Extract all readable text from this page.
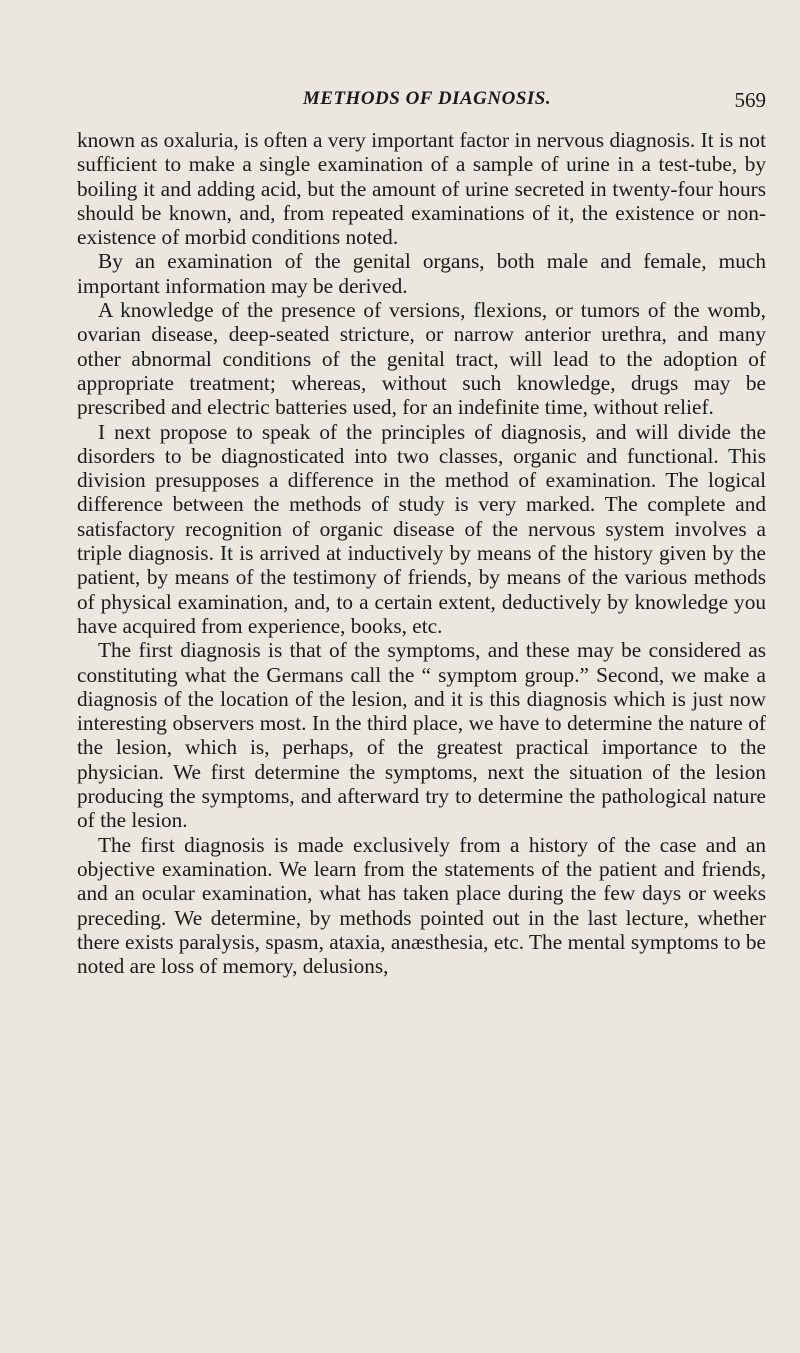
METHODS OF DIAGNOSIS.	569

known as oxaluria, is often a very important factor in nervous diagnosis. It is not sufficient to make a single examination of a sample of urine in a test-tube, by boiling it and adding acid, but the amount of urine secreted in twenty-four hours should be known, and, from repeated examinations of it, the existence or non-existence of morbid conditions noted.

By an examination of the genital organs, both male and female, much important information may be derived.

A knowledge of the presence of versions, flexions, or tumors of the womb, ovarian disease, deep-seated stricture, or narrow anterior urethra, and many other abnormal conditions of the genital tract, will lead to the adoption of appropriate treatment; whereas, without such knowledge, drugs may be prescribed and electric batteries used, for an indefinite time, without relief.

I next propose to speak of the principles of diagnosis, and will divide the disorders to be diagnosticated into two classes, organic and functional. This division presupposes a difference in the method of examination. The logical difference between the methods of study is very marked. The complete and satisfactory recognition of organic disease of the nervous system involves a triple diagnosis. It is arrived at inductively by means of the history given by the patient, by means of the testimony of friends, by means of the various methods of physical examination, and, to a certain extent, deductively by knowledge you have acquired from experience, books, etc.

The first diagnosis is that of the symptoms, and these may be considered as constituting what the Germans call the “ symptom group.” Second, we make a diagnosis of the location of the lesion, and it is this diagnosis which is just now interesting observers most. In the third place, we have to determine the nature of the lesion, which is, perhaps, of the greatest practical importance to the physician. We first determine the symptoms, next the situation of the lesion producing the symptoms, and afterward try to determine the pathological nature of the lesion.

The first diagnosis is made exclusively from a history of the case and an objective examination. We learn from the statements of the patient and friends, and an ocular examination, what has taken place during the few days or weeks preceding. We determine, by methods pointed out in the last lecture, whether there exists paralysis, spasm, ataxia, anæsthesia, etc. The mental symptoms to be noted are loss of memory, delusions,
